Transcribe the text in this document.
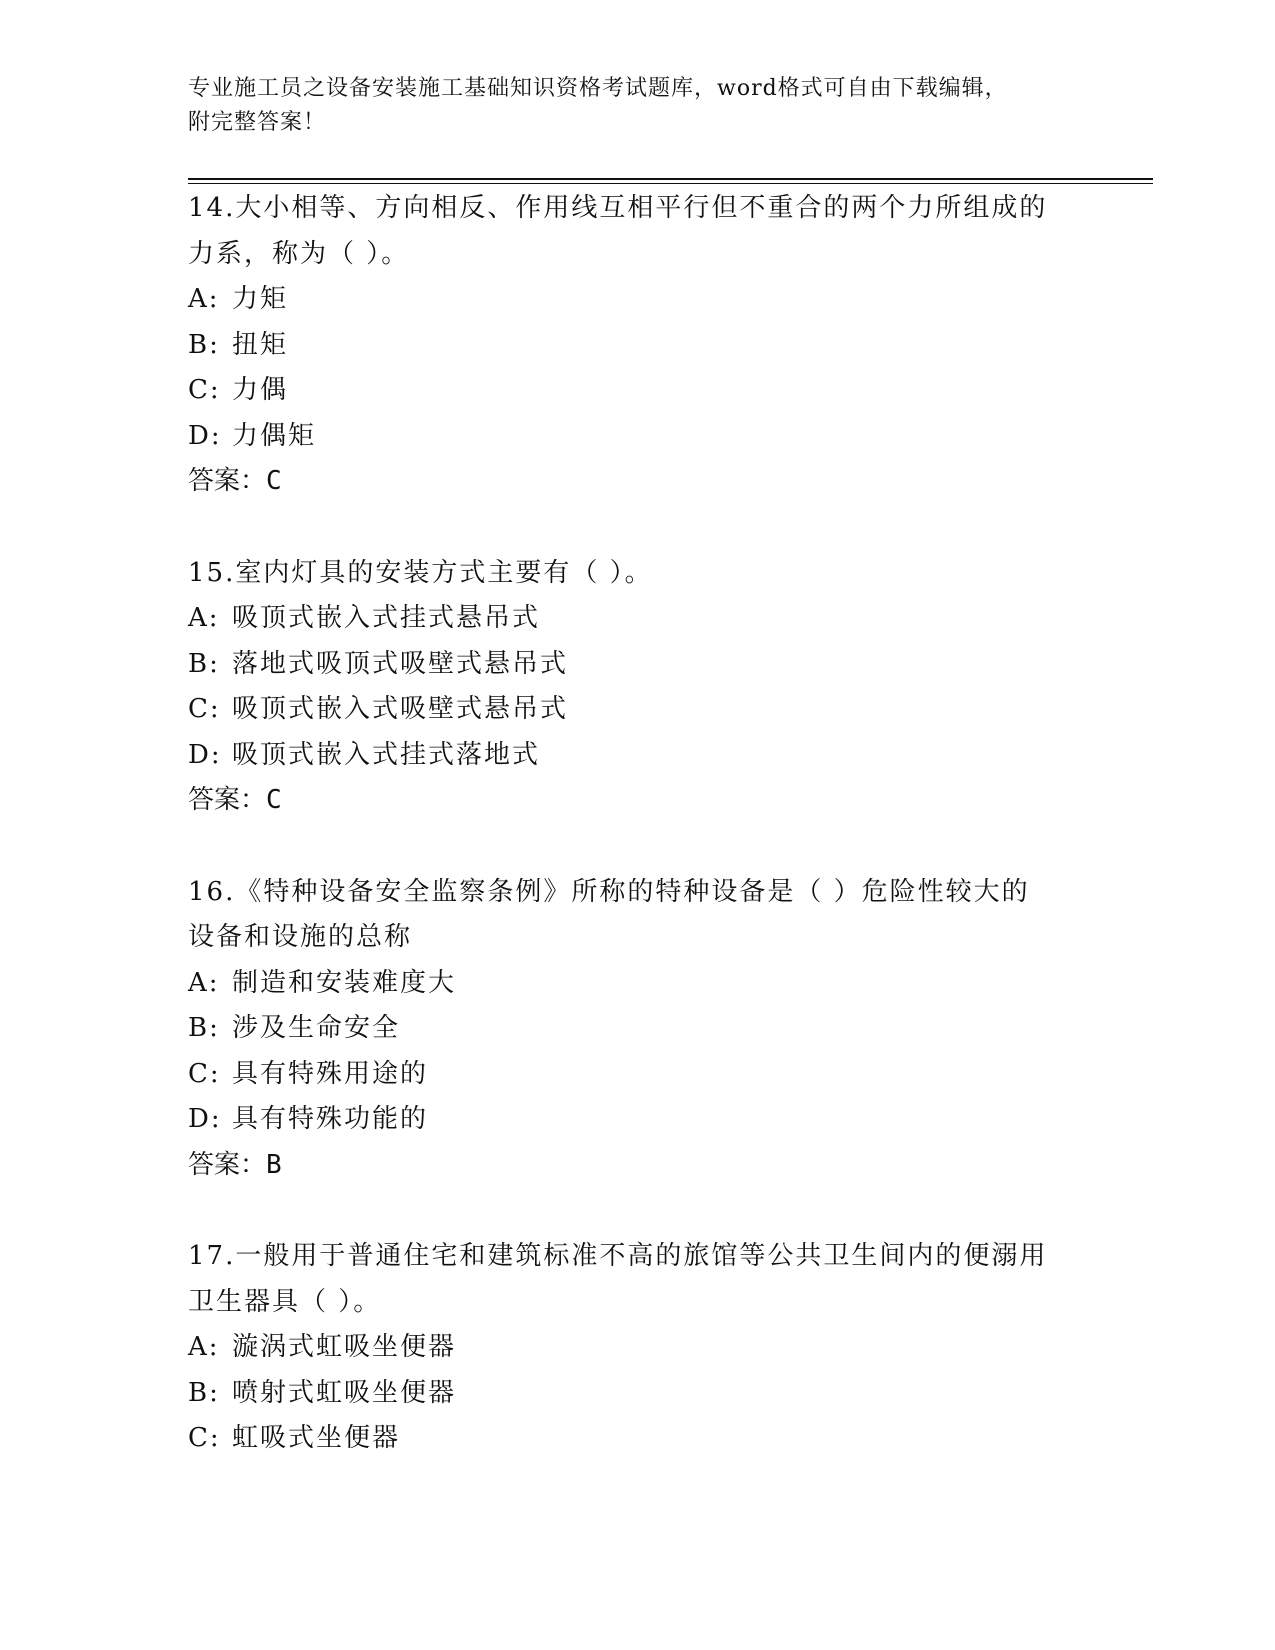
专业施工员之设备安装施工基础知识资格考试题库，word格式可自由下载编辑，
附完整答案！
14.大小相等、方向相反、作用线互相平行但不重合的两个力所组成的
力系，称为（ ）。
A: 力矩
B: 扭矩
C: 力偶
D: 力偶矩
答案：C
15.室内灯具的安装方式主要有（ ）。
A: 吸顶式嵌入式挂式悬吊式
B: 落地式吸顶式吸壁式悬吊式
C: 吸顶式嵌入式吸壁式悬吊式
D: 吸顶式嵌入式挂式落地式
答案：C
16.《特种设备安全监察条例》所称的特种设备是（ ）危险性较大的
设备和设施的总称
A: 制造和安装难度大
B: 涉及生命安全
C: 具有特殊用途的
D: 具有特殊功能的
答案：B
17.一般用于普通住宅和建筑标准不高的旅馆等公共卫生间内的便溺用
卫生器具（ ）。
A: 漩涡式虹吸坐便器
B: 喷射式虹吸坐便器
C: 虹吸式坐便器
